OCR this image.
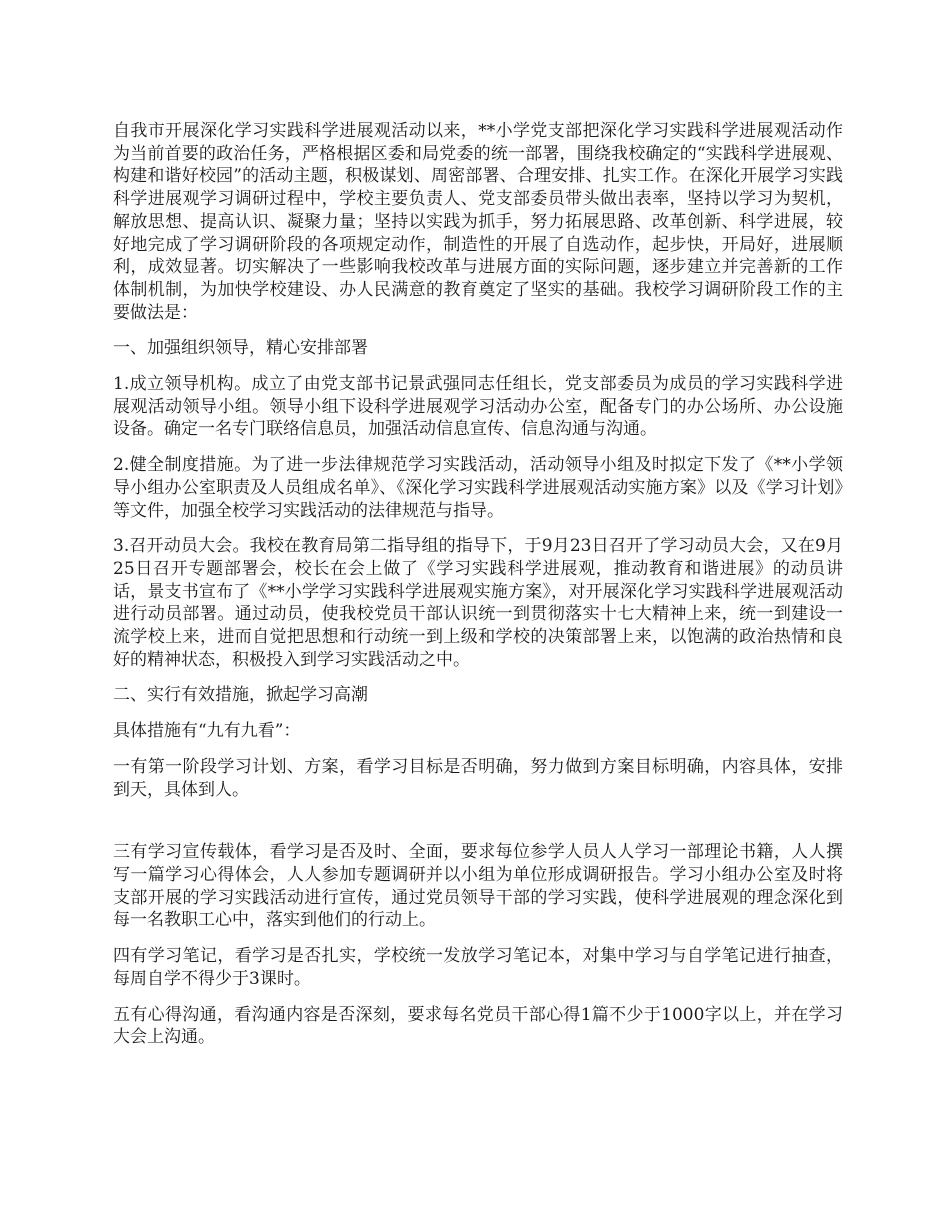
自我市开展深化学习实践科学进展观活动以来，**小学党支部把深化学习实践科学进展观活动作为当前首要的政治任务，严格根据区委和局党委的统一部署，围绕我校确定的“实践科学进展观、构建和谐好校园”的活动主题，积极谋划、周密部署、合理安排、扎实工作。在深化开展学习实践科学进展观学习调研过程中，学校主要负责人、党支部委员带头做出表率，坚持以学习为契机，解放思想、提高认识、凝聚力量；坚持以实践为抓手，努力拓展思路、改革创新、科学进展，较好地完成了学习调研阶段的各项规定动作，制造性的开展了自选动作，起步快，开局好，进展顺利，成效显著。切实解决了一些影响我校改革与进展方面的实际问题，逐步建立并完善新的工作体制机制，为加快学校建设、办人民满意的教育奠定了坚实的基础。我校学习调研阶段工作的主要做法是：

一、加强组织领导，精心安排部署

1.成立领导机构。成立了由党支部书记景武强同志任组长，党支部委员为成员的学习实践科学进展观活动领导小组。领导小组下设科学进展观学习活动办公室，配备专门的办公场所、办公设施设备。确定一名专门联络信息员，加强活动信息宣传、信息沟通与沟通。

2.健全制度措施。为了进一步法律规范学习实践活动，活动领导小组及时拟定下发了《**小学领导小组办公室职责及人员组成名单》、《深化学习实践科学进展观活动实施方案》以及《学习计划》等文件，加强全校学习实践活动的法律规范与指导。

3.召开动员大会。我校在教育局第二指导组的指导下，于9月23日召开了学习动员大会，又在9月25日召开专题部署会，校长在会上做了《学习实践科学进展观，推动教育和谐进展》的动员讲话，景支书宣布了《**小学学习实践科学进展观实施方案》，对开展深化学习实践科学进展观活动进行动员部署。通过动员，使我校党员干部认识统一到贯彻落实十七大精神上来，统一到建设一流学校上来，进而自觉把思想和行动统一到上级和学校的决策部署上来，以饱满的政治热情和良好的精神状态，积极投入到学习实践活动之中。

二、实行有效措施，掀起学习高潮

具体措施有“九有九看”：

一有第一阶段学习计划、方案，看学习目标是否明确，努力做到方案目标明确，内容具体，安排到天，具体到人。

三有学习宣传载体，看学习是否及时、全面，要求每位参学人员人人学习一部理论书籍，人人撰写一篇学习心得体会，人人参加专题调研并以小组为单位形成调研报告。学习小组办公室及时将支部开展的学习实践活动进行宣传，通过党员领导干部的学习实践，使科学进展观的理念深化到每一名教职工心中，落实到他们的行动上。

四有学习笔记，看学习是否扎实，学校统一发放学习笔记本，对集中学习与自学笔记进行抽查，每周自学不得少于3课时。

五有心得沟通，看沟通内容是否深刻，要求每名党员干部心得1篇不少于1000字以上，并在学习大会上沟通。
